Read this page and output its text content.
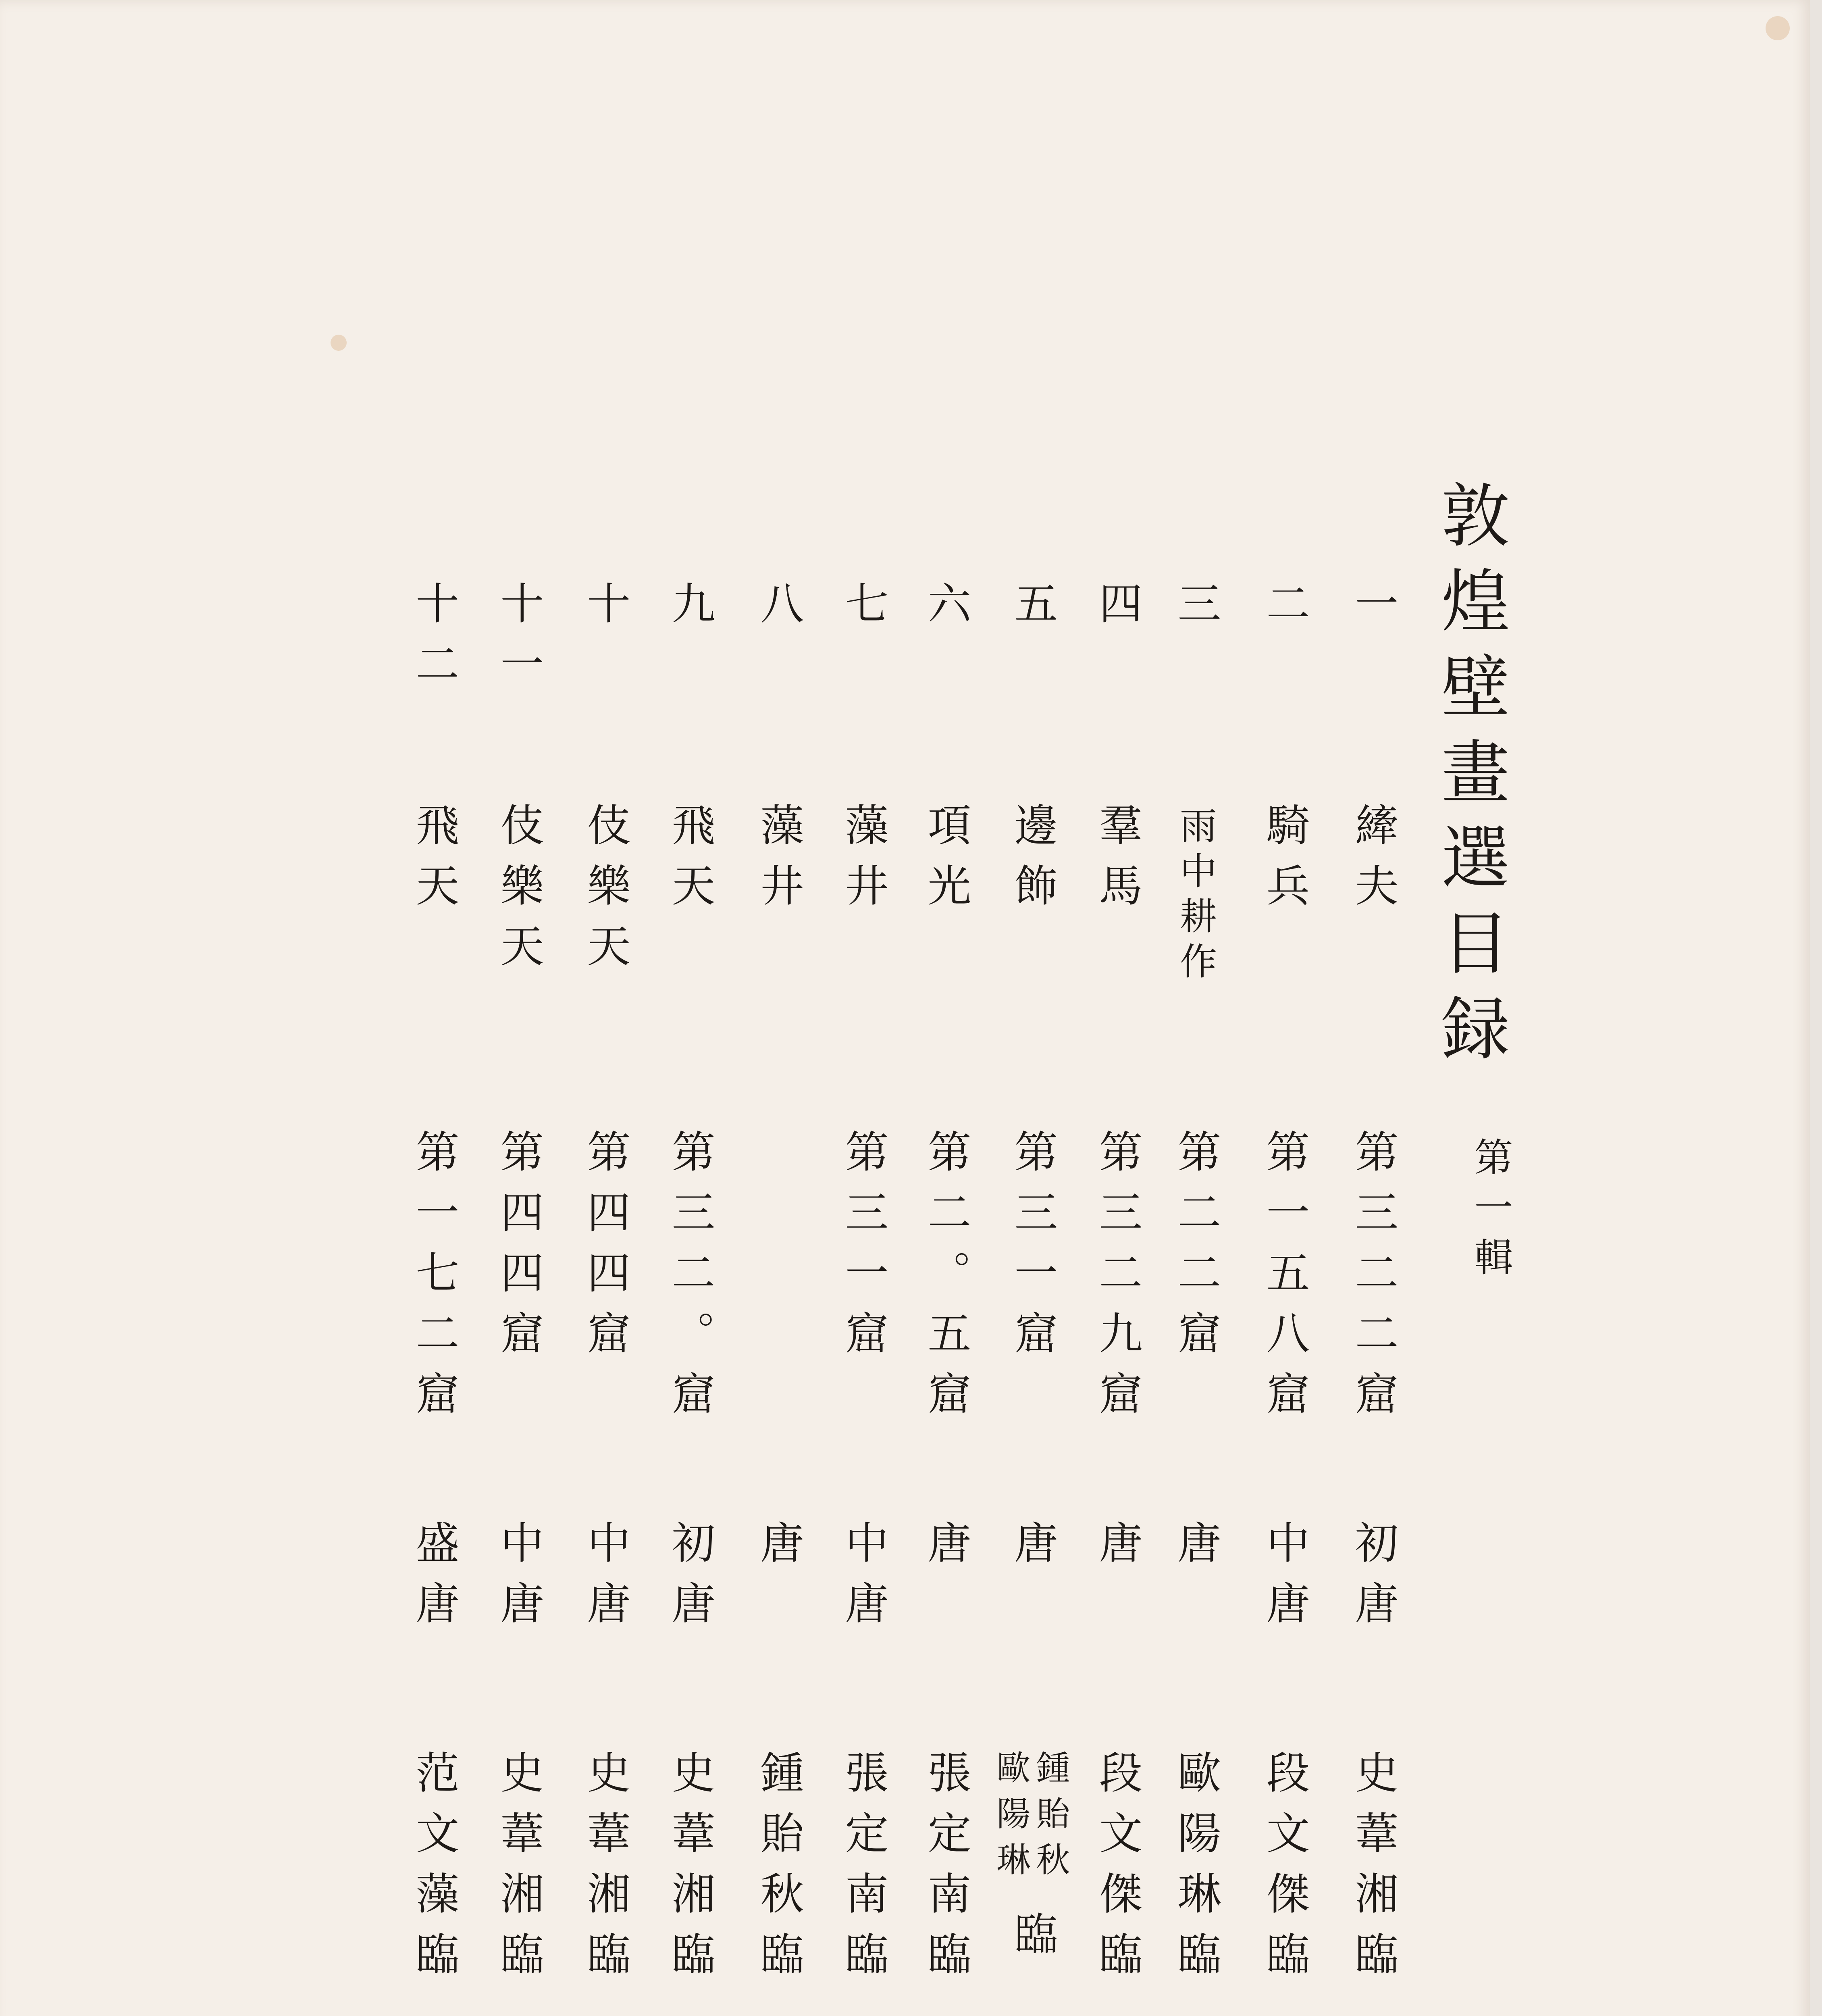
敦煌壁畫選目録
第一輯
一
二
三
四
五
六
七
八
九
十
十一
十二
縴夫
騎兵
雨中耕作
羣馬
邊飾
項光
藻井
藻井
飛天
伎樂天
伎樂天
飛天
第三二二窟
第一五八窟
第二二窟
第三二九窟
第三一窟
第二。五窟
第三一窟
第三二。窟
第四四窟
第四四窟
第一七二窟
初唐
中唐
唐
唐
唐
唐
中唐
唐
初唐
中唐
中唐
盛唐
史葦湘臨
段文傑臨
歐陽琳臨
段文傑臨
鍾貽秋
歐陽琳
臨
張定南臨
張定南臨
鍾貽秋臨
史葦湘臨
史葦湘臨
史葦湘臨
范文藻臨
